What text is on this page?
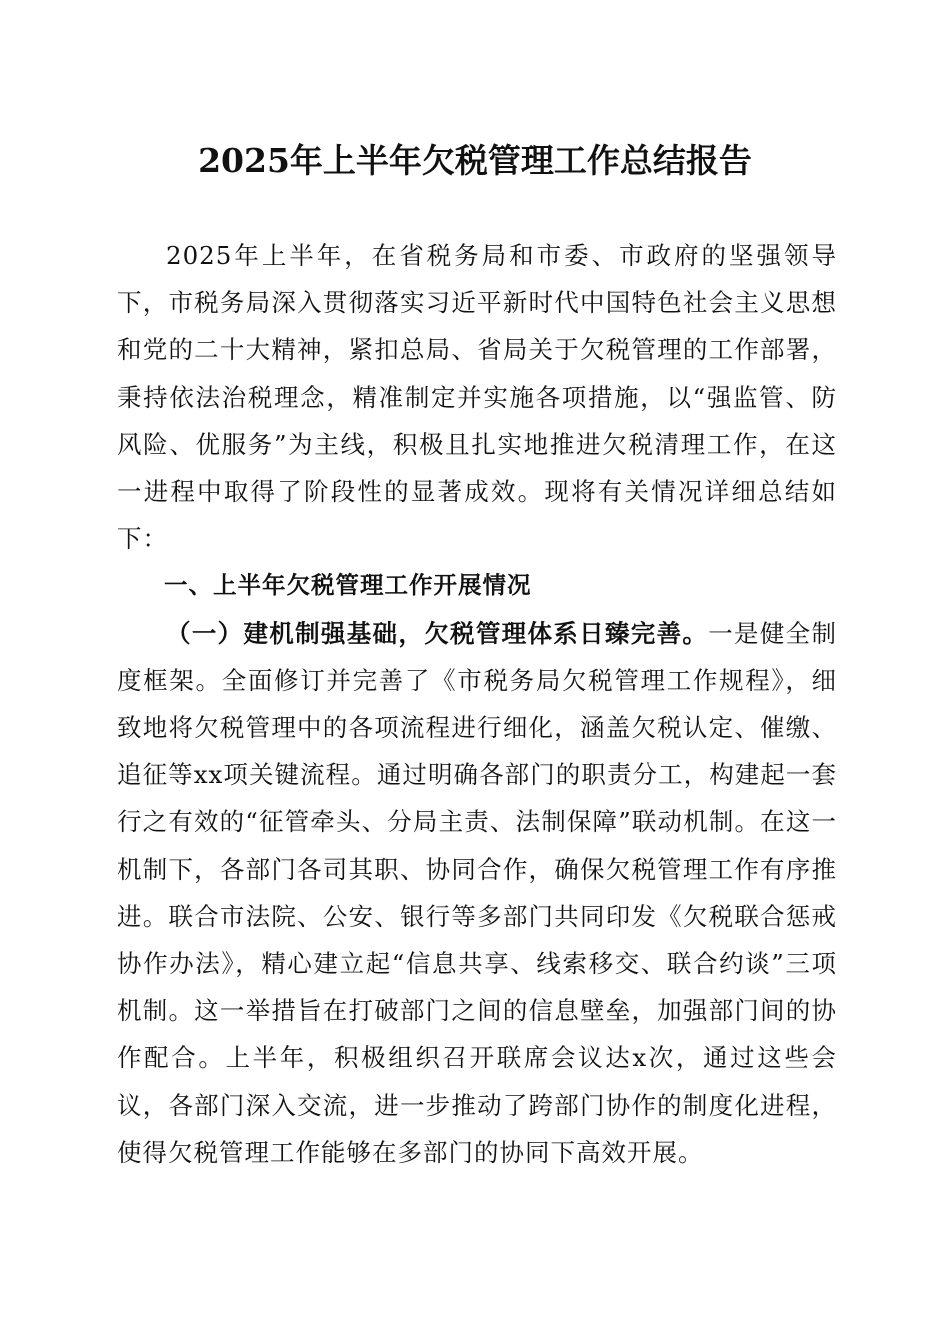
2025年上半年欠税管理工作总结报告

2025年上半年，在省税务局和市委、市政府的坚强领导下，市税务局深入贯彻落实习近平新时代中国特色社会主义思想和党的二十大精神，紧扣总局、省局关于欠税管理的工作部署，秉持依法治税理念，精准制定并实施各项措施，以“强监管、防风险、优服务”为主线，积极且扎实地推进欠税清理工作，在这一进程中取得了阶段性的显著成效。现将有关情况详细总结如下：

一、上半年欠税管理工作开展情况

（一）建机制强基础，欠税管理体系日臻完善。一是健全制度框架。全面修订并完善了《市税务局欠税管理工作规程》，细致地将欠税管理中的各项流程进行细化，涵盖欠税认定、催缴、追征等xx项关键流程。通过明确各部门的职责分工，构建起一套行之有效的“征管牵头、分局主责、法制保障”联动机制。在这一机制下，各部门各司其职、协同合作，确保欠税管理工作有序推进。联合市法院、公安、银行等多部门共同印发《欠税联合惩戒协作办法》，精心建立起“信息共享、线索移交、联合约谈”三项机制。这一举措旨在打破部门之间的信息壁垒，加强部门间的协作配合。上半年，积极组织召开联席会议达x次，通过这些会议，各部门深入交流，进一步推动了跨部门协作的制度化进程，使得欠税管理工作能够在多部门的协同下高效开展。
